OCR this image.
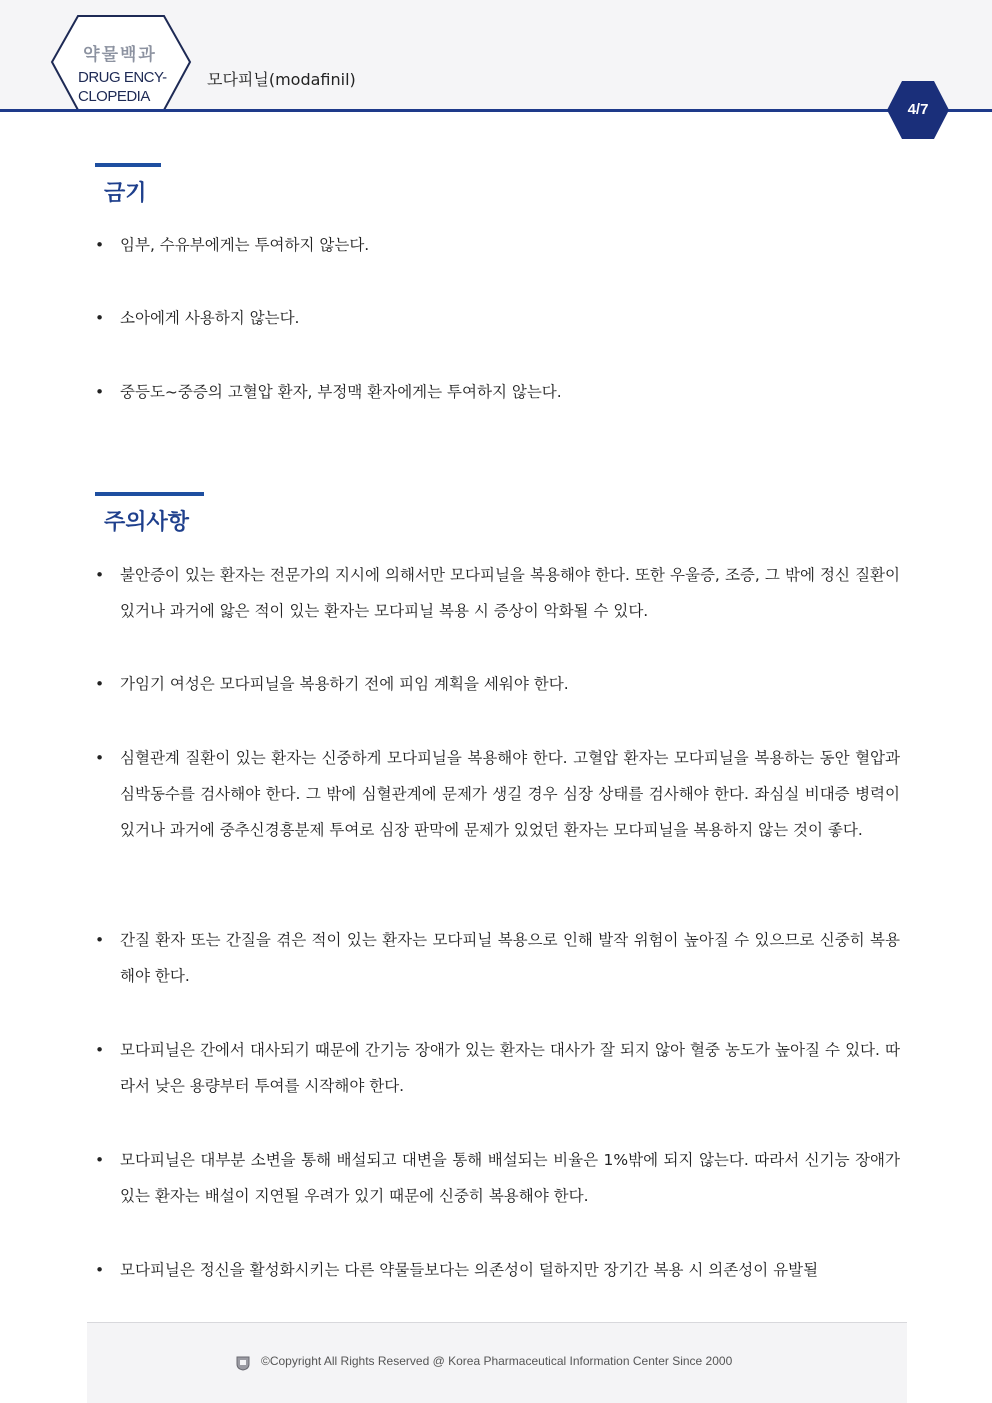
약물백과
DRUG ENCY-
CLOPEDIA
모다피닐(modafinil)
4/7
금기
• 임부, 수유부에게는 투여하지 않는다.
• 소아에게 사용하지 않는다.
• 중등도~중증의 고혈압 환자, 부정맥 환자에게는 투여하지 않는다.
주의사항
• 불안증이 있는 환자는 전문가의 지시에 의해서만 모다피닐을 복용해야 한다. 또한 우울증, 조증, 그 밖에 정신 질환이 있거나 과거에 앓은 적이 있는 환자는 모다피닐 복용 시 증상이 악화될 수 있다.
• 가임기 여성은 모다피닐을 복용하기 전에 피임 계획을 세워야 한다.
• 심혈관계 질환이 있는 환자는 신중하게 모다피닐을 복용해야 한다. 고혈압 환자는 모다피닐을 복용하는 동안 혈압과 심박동수를 검사해야 한다. 그 밖에 심혈관계에 문제가 생길 경우 심장 상태를 검사해야 한다. 좌심실 비대증 병력이 있거나 과거에 중추신경흥분제 투여로 심장 판막에 문제가 있었던 환자는 모다피닐을 복용하지 않는 것이 좋다.
• 간질 환자 또는 간질을 겪은 적이 있는 환자는 모다피닐 복용으로 인해 발작 위험이 높아질 수 있으므로 신중히 복용해야 한다.
• 모다피닐은 간에서 대사되기 때문에 간기능 장애가 있는 환자는 대사가 잘 되지 않아 혈중 농도가 높아질 수 있다. 따라서 낮은 용량부터 투여를 시작해야 한다.
• 모다피닐은 대부분 소변을 통해 배설되고 대변을 통해 배설되는 비율은 1%밖에 되지 않는다. 따라서 신기능 장애가 있는 환자는 배설이 지연될 우려가 있기 때문에 신중히 복용해야 한다.
• 모다피닐은 정신을 활성화시키는 다른 약물들보다는 의존성이 덜하지만 장기간 복용 시 의존성이 유발될
©Copyright All Rights Reserved @ Korea Pharmaceutical Information Center Since 2000
